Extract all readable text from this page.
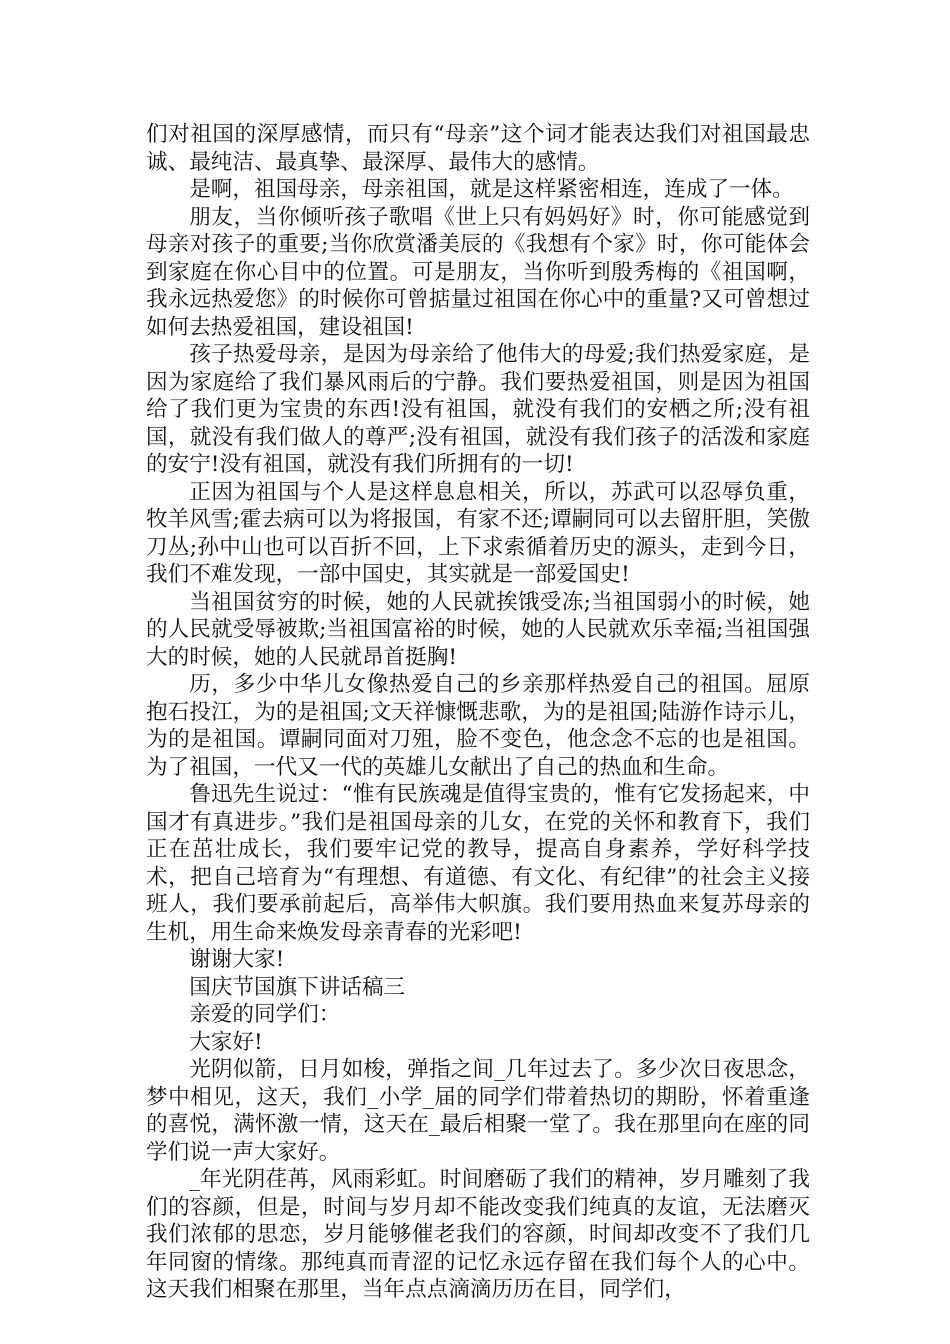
们对祖国的深厚感情，而只有“母亲”这个词才能表达我们对祖国最忠诚、最纯洁、最真挚、最深厚、最伟大的感情。

是啊，祖国母亲，母亲祖国，就是这样紧密相连，连成了一体。

朋友，当你倾听孩子歌唱《世上只有妈妈好》时，你可能感觉到母亲对孩子的重要;当你欣赏潘美辰的《我想有个家》时，你可能体会到家庭在你心目中的位置。可是朋友，当你听到殷秀梅的《祖国啊，我永远热爱您》的时候你可曾掂量过祖国在你心中的重量?又可曾想过如何去热爱祖国，建设祖国!

孩子热爱母亲，是因为母亲给了他伟大的母爱;我们热爱家庭，是因为家庭给了我们暴风雨后的宁静。我们要热爱祖国，则是因为祖国给了我们更为宝贵的东西!没有祖国，就没有我们的安栖之所;没有祖国，就没有我们做人的尊严;没有祖国，就没有我们孩子的活泼和家庭的安宁!没有祖国，就没有我们所拥有的一切!

正因为祖国与个人是这样息息相关，所以，苏武可以忍辱负重，牧羊风雪;霍去病可以为将报国，有家不还;谭嗣同可以去留肝胆，笑傲刀丛;孙中山也可以百折不回，上下求索循着历史的源头，走到今日，我们不难发现，一部中国史，其实就是一部爱国史!

当祖国贫穷的时候，她的人民就挨饿受冻;当祖国弱小的时候，她的人民就受辱被欺;当祖国富裕的时候，她的人民就欢乐幸福;当祖国强大的时候，她的人民就昂首挺胸!

历，多少中华儿女像热爱自己的乡亲那样热爱自己的祖国。屈原抱石投江，为的是祖国;文天祥慷慨悲歌，为的是祖国;陆游作诗示儿，为的是祖国。谭嗣同面对刀殂，脸不变色，他念念不忘的也是祖国。为了祖国，一代又一代的英雄儿女献出了自己的热血和生命。

鲁迅先生说过：“惟有民族魂是值得宝贵的，惟有它发扬起来，中国才有真进步。”我们是祖国母亲的儿女，在党的关怀和教育下，我们正在茁壮成长，我们要牢记党的教导，提高自身素养，学好科学技术，把自己培育为“有理想、有道德、有文化、有纪律”的社会主义接班人，我们要承前起后，高举伟大帜旗。我们要用热血来复苏母亲的生机，用生命来焕发母亲青春的光彩吧!

谢谢大家!

国庆节国旗下讲话稿三

亲爱的同学们：

大家好!

光阴似箭，日月如梭，弹指之间_几年过去了。多少次日夜思念，梦中相见，这天，我们_小学_届的同学们带着热切的期盼，怀着重逢的喜悦，满怀激一情，这天在_最后相聚一堂了。我在那里向在座的同学们说一声大家好。

_年光阴荏苒，风雨彩虹。时间磨砺了我们的精神，岁月雕刻了我们的容颜，但是，时间与岁月却不能改变我们纯真的友谊，无法磨灭我们浓郁的思恋，岁月能够催老我们的容颜，时间却改变不了我们几年同窗的情缘。那纯真而青涩的记忆永远存留在我们每个人的心中。这天我们相聚在那里，当年点点滴滴历历在目，同学们，
